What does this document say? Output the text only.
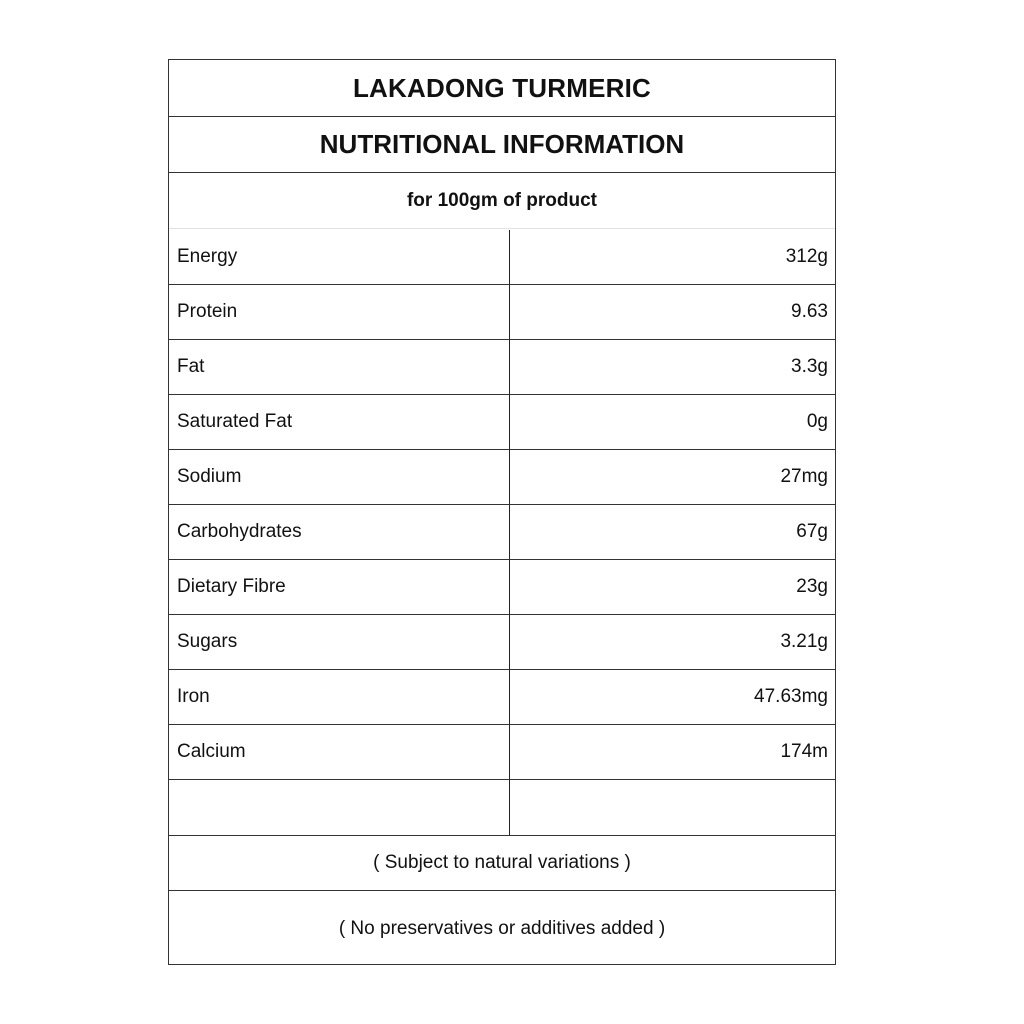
LAKADONG TURMERIC
NUTRITIONAL INFORMATION
for 100gm of product
Energy	312g
Protein	9.63
Fat	3.3g
Saturated Fat	0g
Sodium	27mg
Carbohydrates	67g
Dietary Fibre	23g
Sugars	3.21g
Iron	47.63mg
Calcium	174m
( Subject to natural variations )
( No preservatives or additives added )
